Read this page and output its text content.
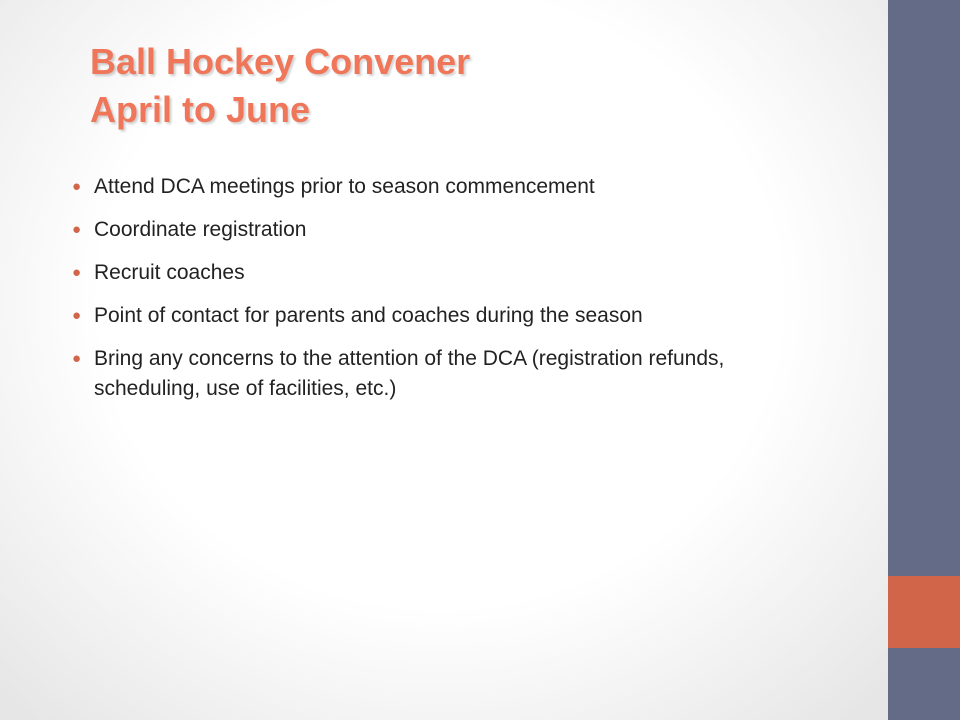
Ball Hockey Convener
April to June
● Attend DCA meetings prior to season commencement
● Coordinate registration
● Recruit coaches
● Point of contact for parents and coaches during the season
● Bring any concerns to the attention of the DCA (registration refunds, scheduling, use of facilities, etc.)
